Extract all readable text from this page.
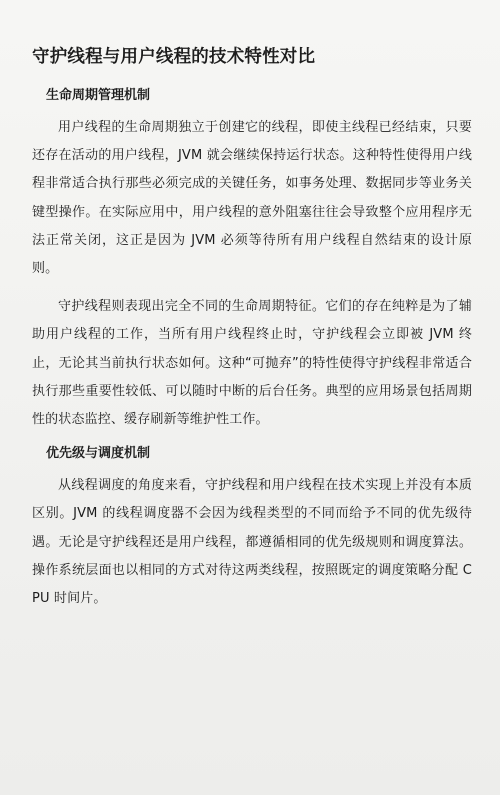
守护线程与用户线程的技术特性对比
生命周期管理机制

用户线程的生命周期独立于创建它的线程，即使主线程已经结束，只要还存在活动的用户线程，JVM 就会继续保持运行状态。这种特性使得用户线程非常适合执行那些必须完成的关键任务，如事务处理、数据同步等业务关键型操作。在实际应用中，用户线程的意外阻塞往往会导致整个应用程序无法正常关闭，这正是因为 JVM 必须等待所有用户线程自然结束的设计原则。

守护线程则表现出完全不同的生命周期特征。它们的存在纯粹是为了辅助用户线程的工作，当所有用户线程终止时，守护线程会立即被 JVM 终止，无论其当前执行状态如何。这种“可抛弃”的特性使得守护线程非常适合执行那些重要性较低、可以随时中断的后台任务。典型的应用场景包括周期性的状态监控、缓存刷新等维护性工作。

优先级与调度机制

从线程调度的角度来看，守护线程和用户线程在技术实现上并没有本质区别。JVM 的线程调度器不会因为线程类型的不同而给予不同的优先级待遇。无论是守护线程还是用户线程，都遵循相同的优先级规则和调度算法。操作系统层面也以相同的方式对待这两类线程，按照既定的调度策略分配 CPU 时间片。
